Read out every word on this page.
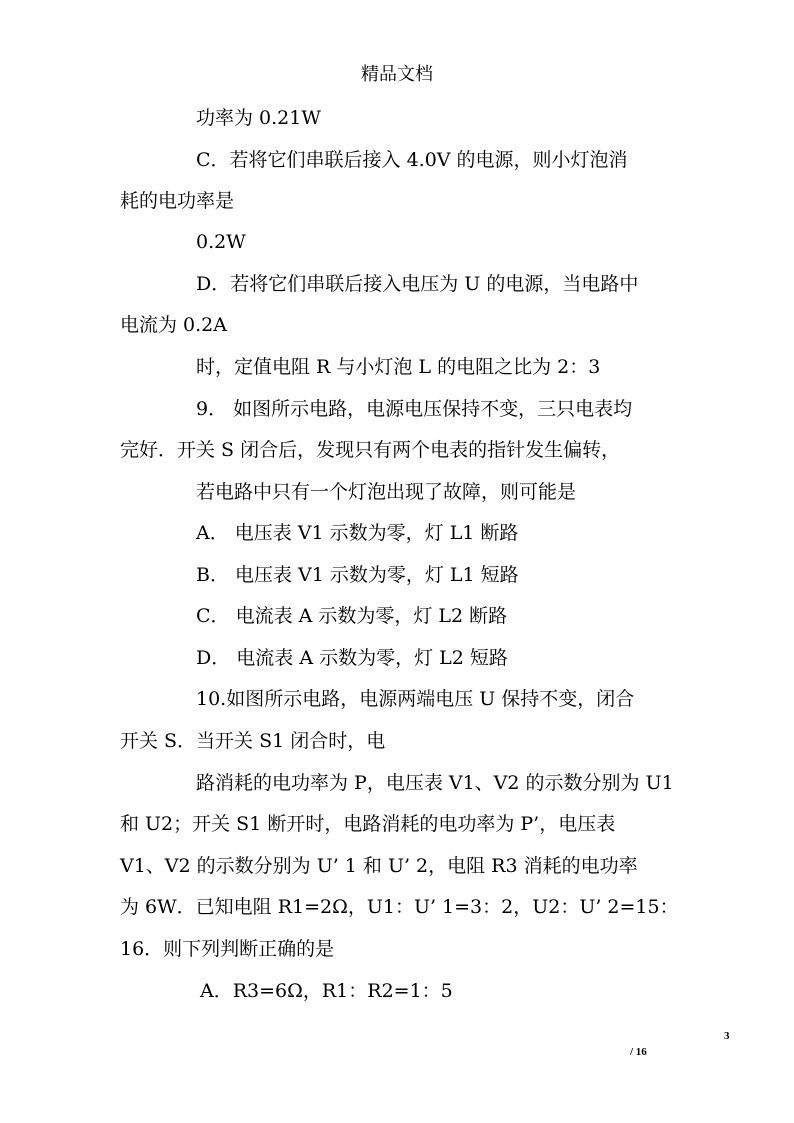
精品文档
功率为 0.21W
C．若将它们串联后接入 4.0V 的电源，则小灯泡消
耗的电功率是
0.2W
D．若将它们串联后接入电压为 U 的电源，当电路中
电流为 0.2A
时，定值电阻 R 与小灯泡 L 的电阻之比为 2：3
9． 如图所示电路，电源电压保持不变，三只电表均
完好．开关 S 闭合后，发现只有两个电表的指针发生偏转，
若电路中只有一个灯泡出现了故障，则可能是
A． 电压表 V1 示数为零，灯 L1 断路
B． 电压表 V1 示数为零，灯 L1 短路
C． 电流表 A 示数为零，灯 L2 断路
D． 电流表 A 示数为零，灯 L2 短路
10.如图所示电路，电源两端电压 U 保持不变，闭合
开关 S．当开关 S1 闭合时，电
路消耗的电功率为 P，电压表 V1、V2 的示数分别为 U1
和 U2；开关 S1 断开时，电路消耗的电功率为 P’，电压表
V1、V2 的示数分别为 U’ 1 和 U’ 2，电阻 R3 消耗的电功率
为 6W．已知电阻 R1=2Ω，U1：U’ 1=3：2，U2：U’ 2=15：
16．则下列判断正确的是
A．R3=6Ω，R1：R2=1：5
3
/ 16
